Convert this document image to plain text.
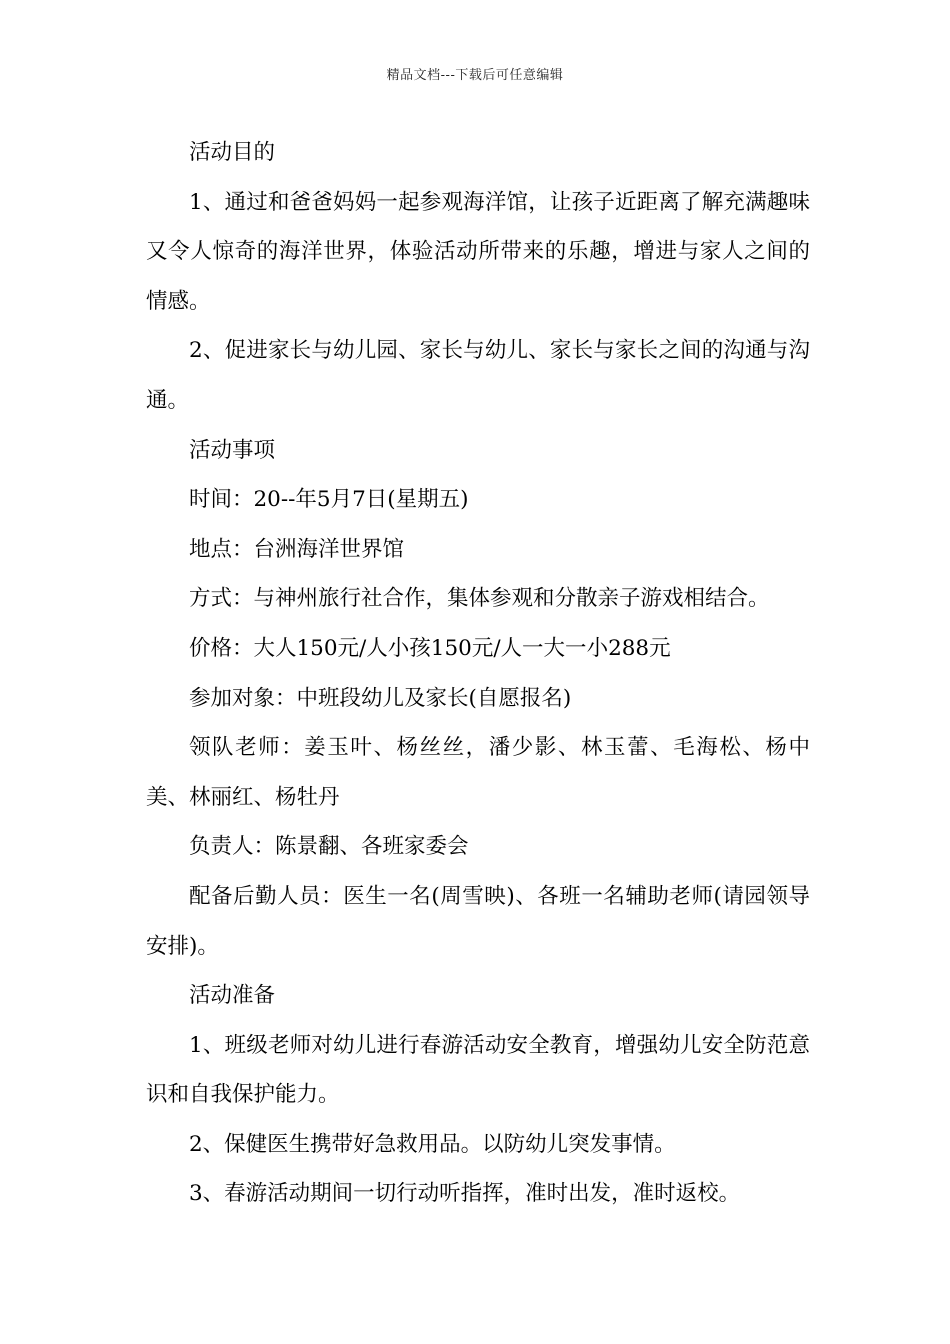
精品文档---下载后可任意编辑

活动目的

1、通过和爸爸妈妈一起参观海洋馆，让孩子近距离了解充满趣味又令人惊奇的海洋世界，体验活动所带来的乐趣，增进与家人之间的情感。

2、促进家长与幼儿园、家长与幼儿、家长与家长之间的沟通与沟通。

活动事项

时间：20--年5月7日(星期五)

地点：台洲海洋世界馆

方式：与神州旅行社合作，集体参观和分散亲子游戏相结合。

价格：大人150元/人小孩150元/人一大一小288元

参加对象：中班段幼儿及家长(自愿报名)

领队老师：姜玉叶、杨丝丝，潘少影、林玉蕾、毛海松、杨中美、林丽红、杨牡丹

负责人：陈景翻、各班家委会

配备后勤人员：医生一名(周雪映)、各班一名辅助老师(请园领导安排)。

活动准备

1、班级老师对幼儿进行春游活动安全教育，增强幼儿安全防范意识和自我保护能力。

2、保健医生携带好急救用品。以防幼儿突发事情。

3、春游活动期间一切行动听指挥，准时出发，准时返校。
